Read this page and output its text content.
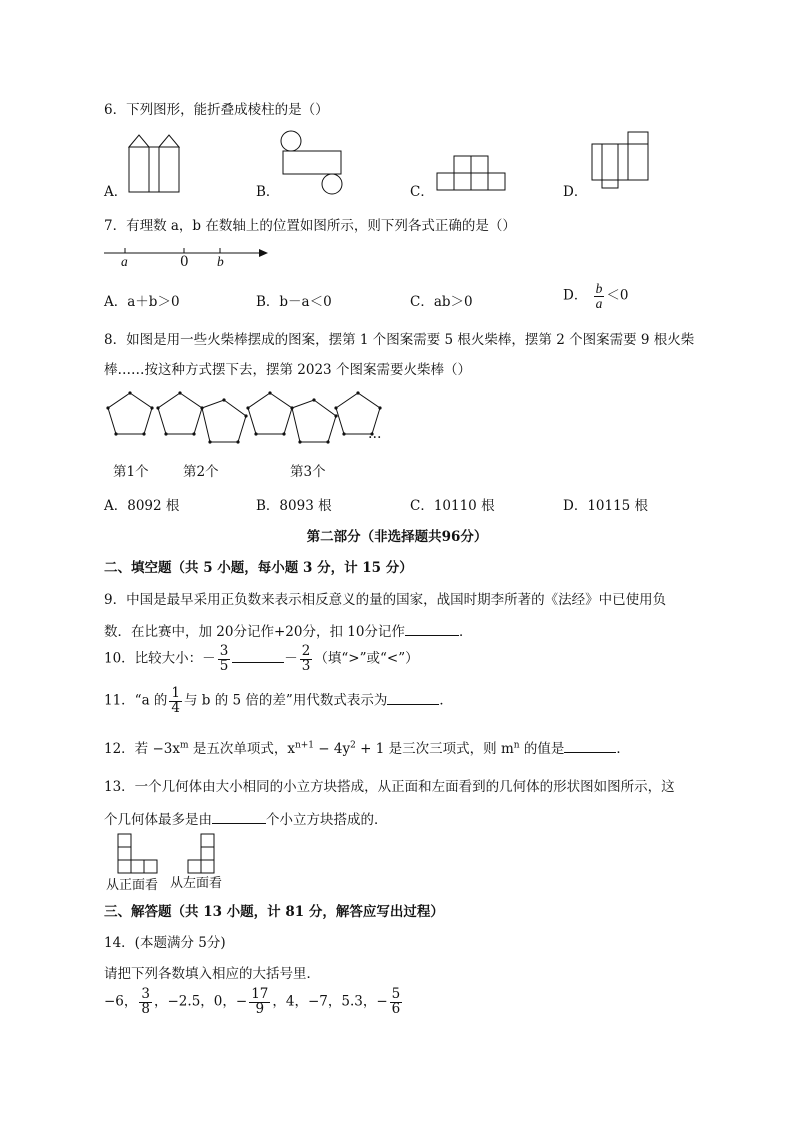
6．下列图形，能折叠成棱柱的是（）
A．	B．	C．	D．
7．有理数 a，b 在数轴上的位置如图所示，则下列各式正确的是（）
a	0 b
A．a＋b＞0	B．b－a＜0	C．ab＞0	D． $\frac{b}{a} <0$
8．如图是用一些火柴棒摆成的图案，摆第 1 个图案需要 5 根火柴棒，摆第 2 个图案需要 9 根火柴
棒……按这种方式摆下去，摆第 2023 个图案需要火柴棒（）
…
第1个	第2个	第3个
A．8092 根	B．8093 根	C．10110 根	D．10115 根
第二部分（非选择题共96分）
二、填空题（共 5 小题，每小题 3 分，计 15 分）
9．中国是最早采用正负数来表示相反意义的量的国家，战国时期李所著的《法经》中已使用负
数．在比赛中，加 20分记作+20分，扣 10分记作	．
10．比较大小：－ $\frac{3}{5}$	－ $\frac{2}{3}$ （填“>”或“<”）
11．“a 的 $\frac{1}{4}$ 与 b 的 5 倍的差”用代数式表示为	．
12．若 $-3x^m$ 是五次单项式，$x^{n+1} - 4y^2 + 1$ 是三次三项式，则 $m^n$ 的值是	．
13．一个几何体由大小相同的小立方块搭成，从正面和左面看到的几何体的形状图如图所示，这
个几何体最多是由	个小立方块搭成的．
从正面看 从左面看
三、解答题（共 13 小题，计 81 分，解答应写出过程）
14．(本题满分 5分)
请把下列各数填入相应的大括号里．
−6， $\frac{3}{8}$ ，−2.5，0，− $\frac{17}{9}$ ，4，−7，5.3，− $\frac{5}{6}$
